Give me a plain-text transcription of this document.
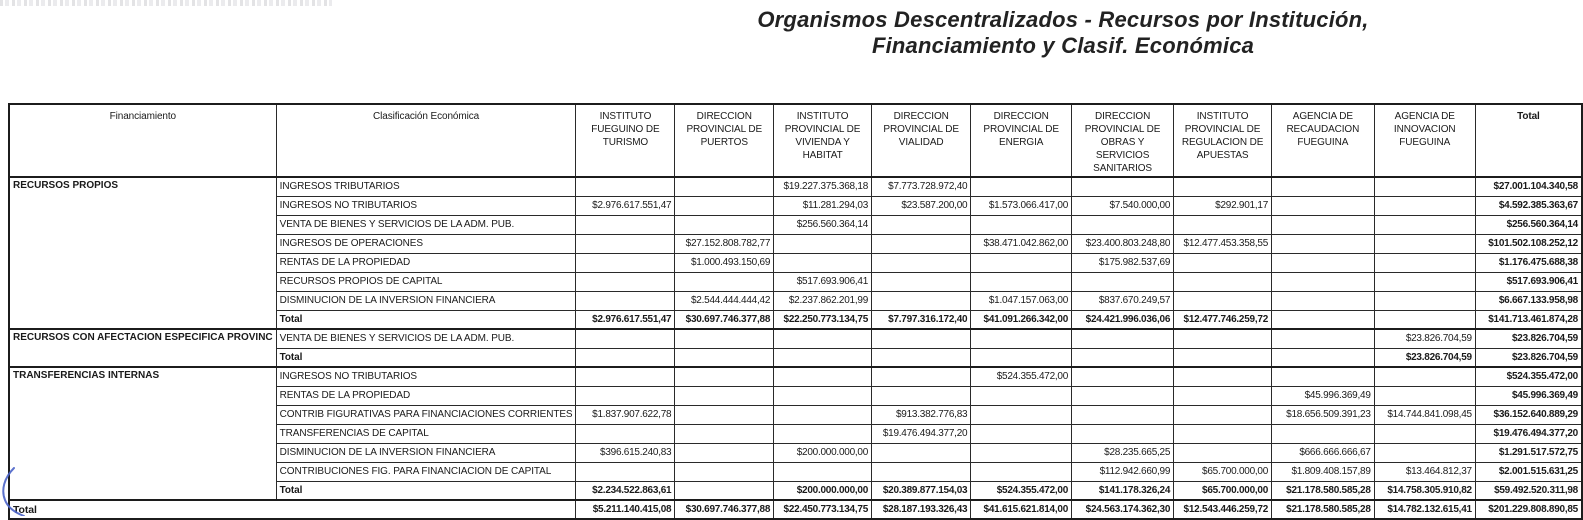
Organismos Descentralizados - Recursos por Institución,
Financiamiento y Clasif. Económica
Financiamiento	Clasificación Económica	INSTITUTO FUEGUINO DE TURISMO	DIRECCION PROVINCIAL DE PUERTOS	INSTITUTO PROVINCIAL DE VIVIENDA Y HABITAT	DIRECCION PROVINCIAL DE VIALIDAD	DIRECCION PROVINCIAL DE ENERGIA	DIRECCION PROVINCIAL DE OBRAS Y SERVICIOS SANITARIOS	INSTITUTO PROVINCIAL DE REGULACION DE APUESTAS	AGENCIA DE RECAUDACION FUEGUINA	AGENCIA DE INNOVACION FUEGUINA	Total
RECURSOS PROPIOS	INGRESOS TRIBUTARIOS			$19.227.375.368,18	$7.773.728.972,40						$27.001.104.340,58
	INGRESOS NO TRIBUTARIOS	$2.976.617.551,47		$11.281.294,03	$23.587.200,00	$1.573.066.417,00	$7.540.000,00	$292.901,17			$4.592.385.363,67
	VENTA DE BIENES Y SERVICIOS DE LA ADM. PUB.			$256.560.364,14							$256.560.364,14
	INGRESOS DE OPERACIONES		$27.152.808.782,77			$38.471.042.862,00	$23.400.803.248,80	$12.477.453.358,55			$101.502.108.252,12
	RENTAS DE LA PROPIEDAD		$1.000.493.150,69				$175.982.537,69				$1.176.475.688,38
	RECURSOS PROPIOS DE CAPITAL			$517.693.906,41							$517.693.906,41
	DISMINUCION DE LA INVERSION FINANCIERA		$2.544.444.444,42	$2.237.862.201,99		$1.047.157.063,00	$837.670.249,57				$6.667.133.958,98
	Total	$2.976.617.551,47	$30.697.746.377,88	$22.250.773.134,75	$7.797.316.172,40	$41.091.266.342,00	$24.421.996.036,06	$12.477.746.259,72			$141.713.461.874,28
RECURSOS CON AFECTACION ESPECIFICA PROVINC	VENTA DE BIENES Y SERVICIOS DE LA ADM. PUB.									$23.826.704,59	$23.826.704,59
	Total									$23.826.704,59	$23.826.704,59
TRANSFERENCIAS INTERNAS	INGRESOS NO TRIBUTARIOS					$524.355.472,00					$524.355.472,00
	RENTAS DE LA PROPIEDAD								$45.996.369,49		$45.996.369,49
	CONTRIB FIGURATIVAS PARA FINANCIACIONES CORRIENTES	$1.837.907.622,78			$913.382.776,83				$18.656.509.391,23	$14.744.841.098,45	$36.152.640.889,29
	TRANSFERENCIAS DE CAPITAL				$19.476.494.377,20						$19.476.494.377,20
	DISMINUCION DE LA INVERSION FINANCIERA	$396.615.240,83		$200.000.000,00			$28.235.665,25		$666.666.666,67		$1.291.517.572,75
	CONTRIBUCIONES FIG. PARA FINANCIACION DE CAPITAL						$112.942.660,99	$65.700.000,00	$1.809.408.157,89	$13.464.812,37	$2.001.515.631,25
	Total	$2.234.522.863,61		$200.000.000,00	$20.389.877.154,03	$524.355.472,00	$141.178.326,24	$65.700.000,00	$21.178.580.585,28	$14.758.305.910,82	$59.492.520.311,98
Total		$5.211.140.415,08	$30.697.746.377,88	$22.450.773.134,75	$28.187.193.326,43	$41.615.621.814,00	$24.563.174.362,30	$12.543.446.259,72	$21.178.580.585,28	$14.782.132.615,41	$201.229.808.890,85
